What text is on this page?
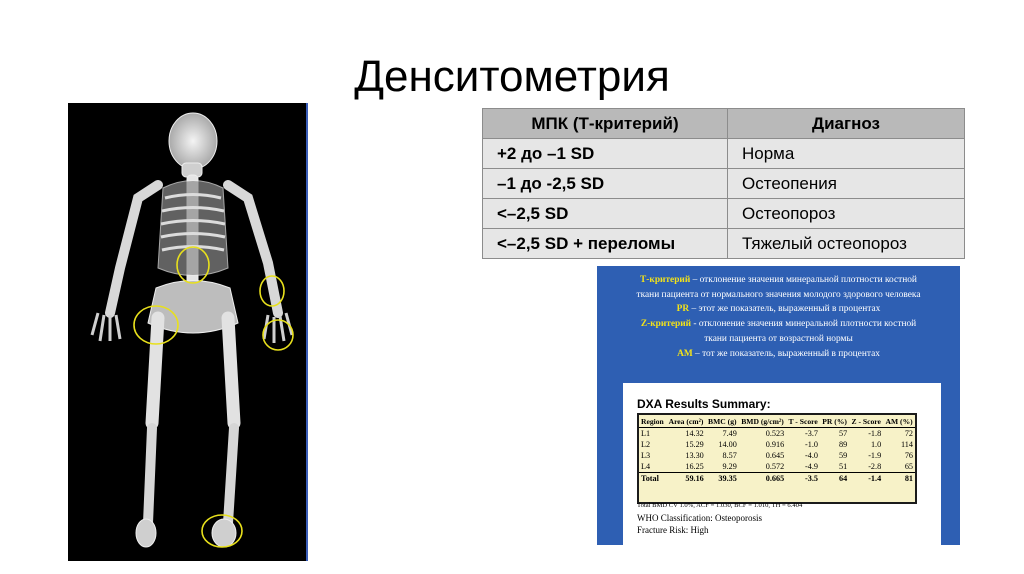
Денситометрия
МПК (Т-критерий)	Диагноз
+2 до –1 SD	Норма
–1 до -2,5 SD	Остеопения
<–2,5 SD	Остеопороз
<–2,5 SD + переломы	Тяжелый остеопороз
Т-критерий – отклонение значения минеральной плотности костной
ткани пациента от нормального значения молодого здорового человека
PR – этот же показатель, выраженный в процентах
Z-критерий - отклонение значения минеральной плотности костной
ткани пациента от возрастной нормы
AM – тот же показатель, выраженный в процентах
DXA Results Summary:
Region	Area (cm²)	BMC (g)	BMD (g/cm²)	T - Score	PR (%)	Z - Score	AM (%)
L1	14.32	7.49	0.523	-3.7	57	-1.8	72
L2	15.29	14.00	0.916	-1.0	89	1.0	114
L3	13.30	8.57	0.645	-4.0	59	-1.9	76
L4	16.25	9.29	0.572	-4.9	51	-2.8	65
Total	59.16	39.35	0.665	-3.5	64	-1.4	81
Total BMD CV 1.0%, ACF = 1.030, BCF = 1.010, TH = 6.404
WHO Classification: Osteoporosis
Fracture Risk: High
